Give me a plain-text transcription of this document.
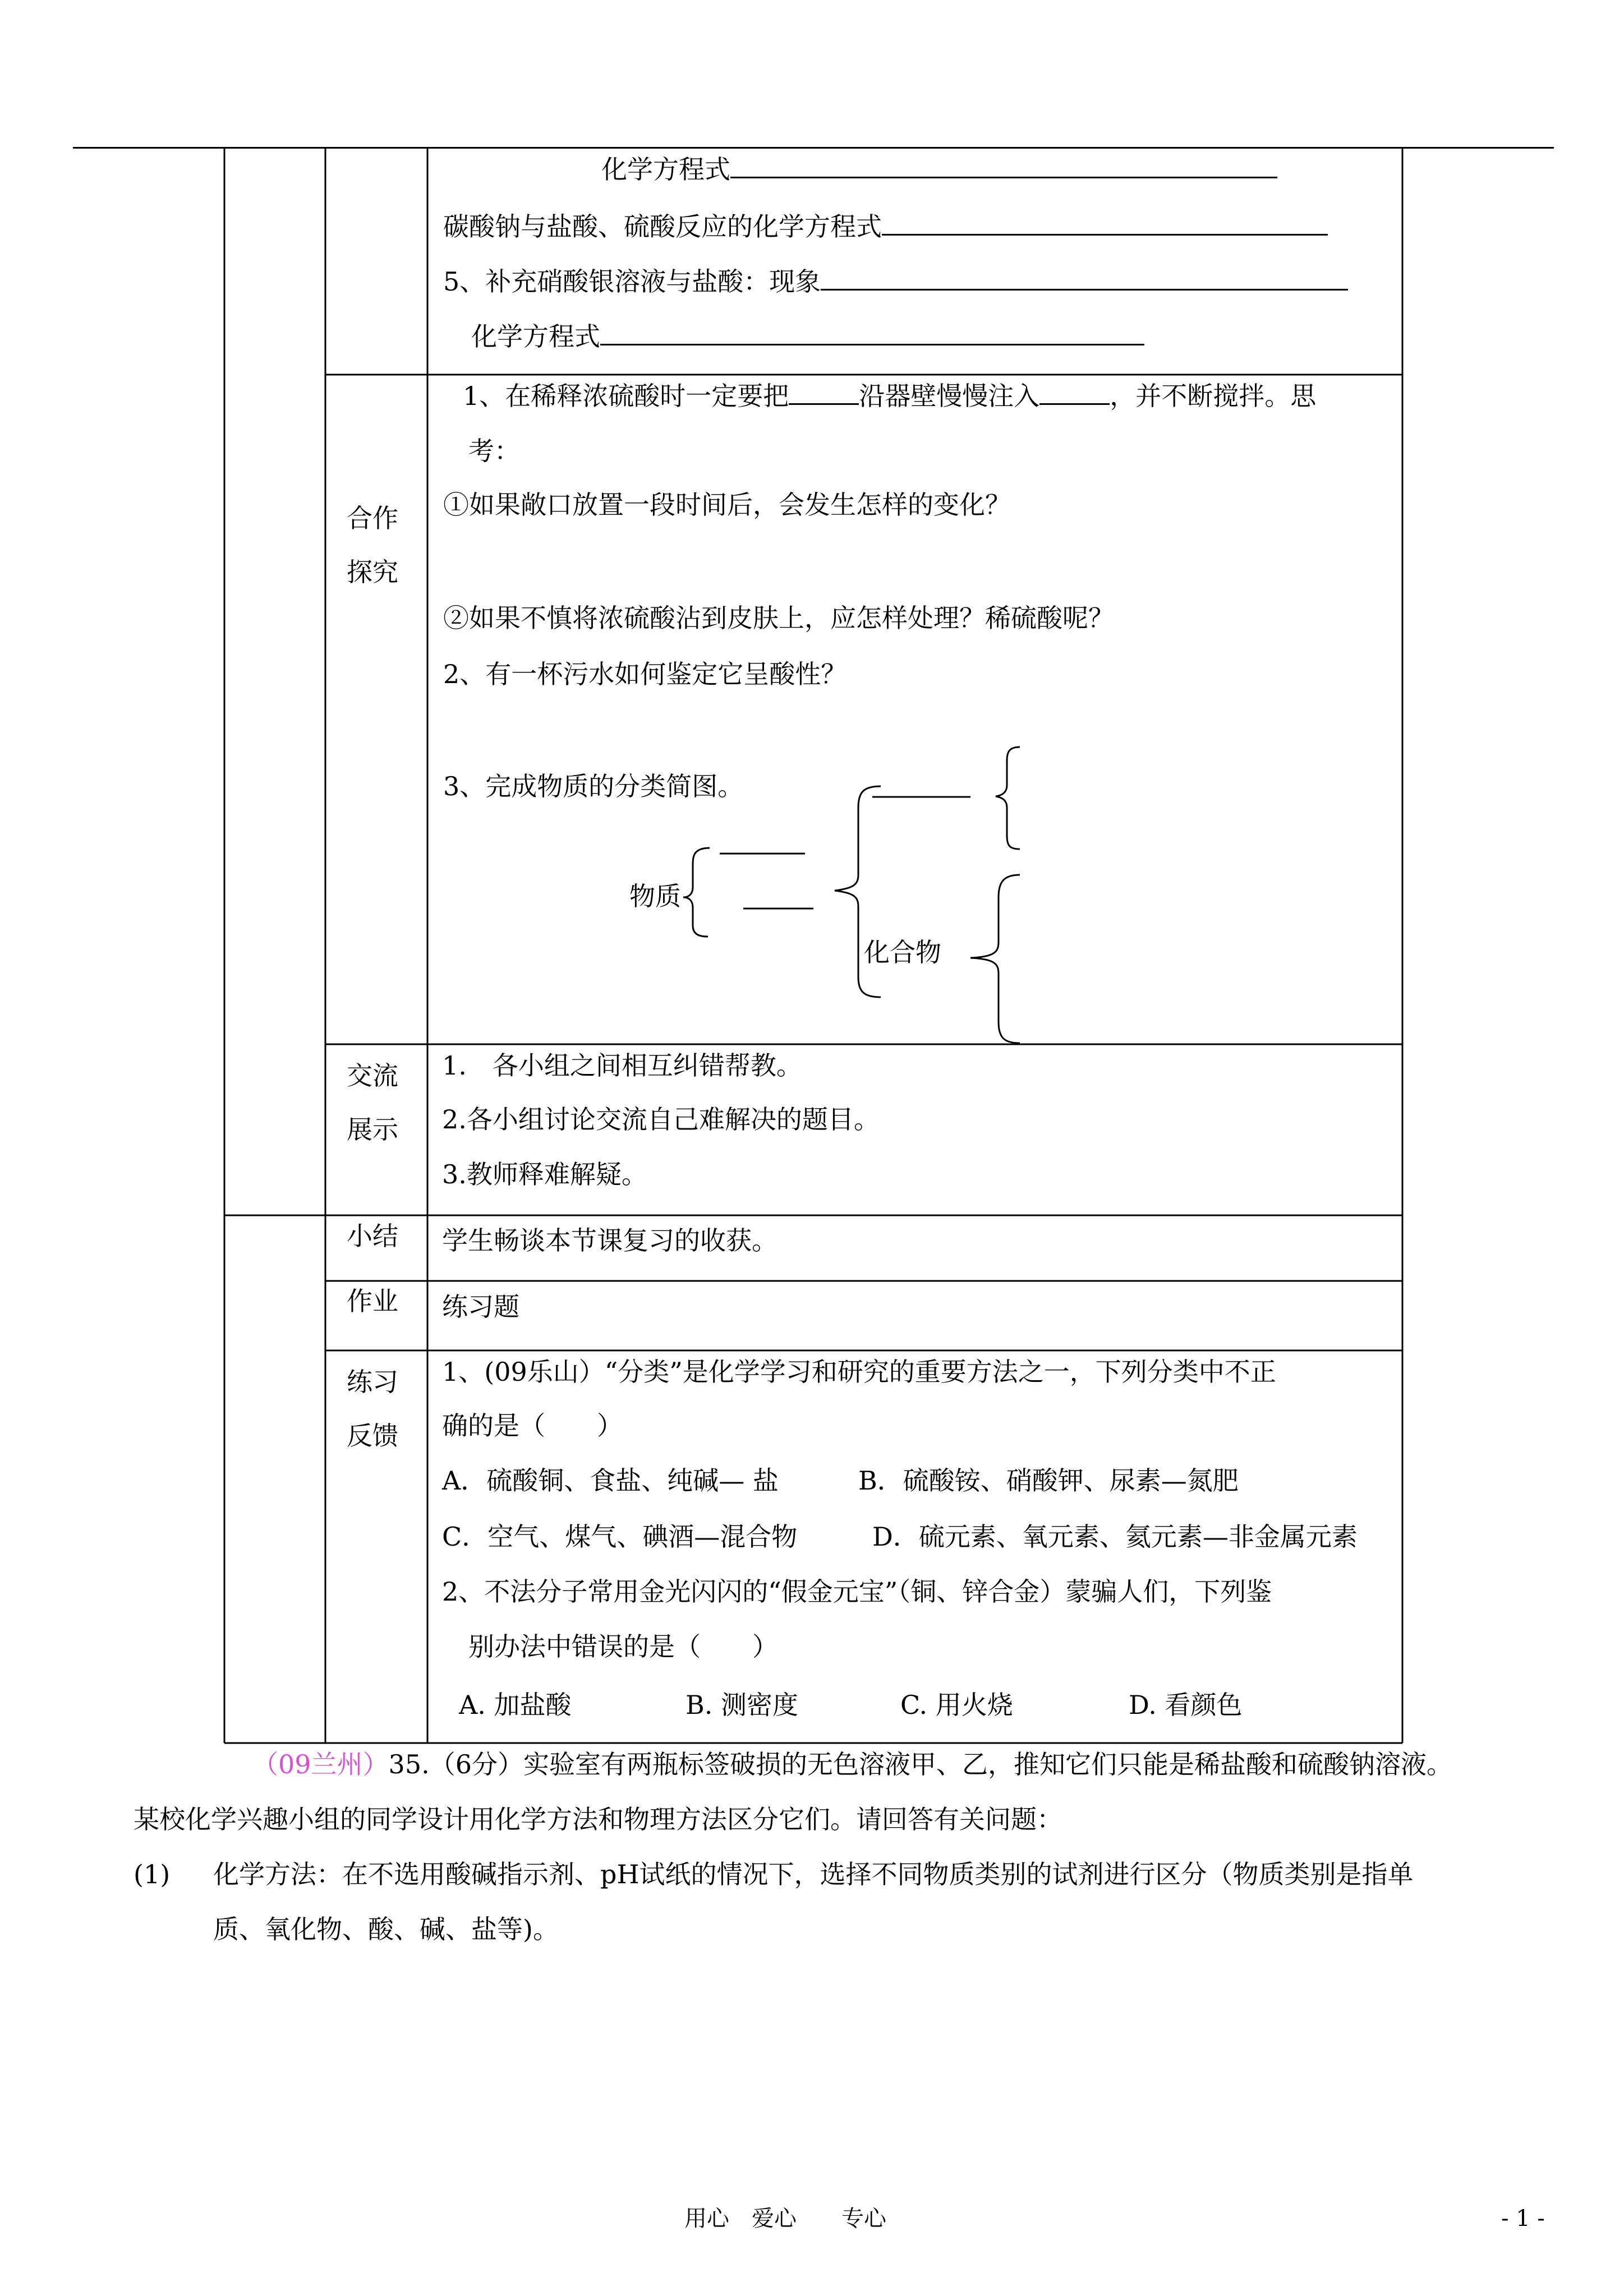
化学方程式
碳酸钠与盐酸、硫酸反应的化学方程式
5、补充硝酸银溶液与盐酸：现象
化学方程式
合作
探究
1、在稀释浓硫酸时一定要把	沿器壁慢慢注入	，并不断搅拌。思
考：
①如果敞口放置一段时间后，会发生怎样的变化？
②如果不慎将浓硫酸沾到皮肤上，应怎样处理？稀硫酸呢？
2、有一杯污水如何鉴定它呈酸性？
3、完成物质的分类简图。
物质
化合物
交流
展示
1.　各小组之间相互纠错帮教。
2.各小组讨论交流自己难解决的题目。
3.教师释难解疑。
小结 学生畅谈本节课复习的收获。
作业 练习题
练习
反馈
1、(09乐山）“分类”是化学学习和研究的重要方法之一，下列分类中不正
确的是（　　）
A．硫酸铜、食盐、纯碱— 盐	B．硫酸铵、硝酸钾、尿素—氮肥
C．空气、煤气、碘酒—混合物	D．硫元素、氧元素、氦元素—非金属元素
2、不法分子常用金光闪闪的“假金元宝”（铜、锌合金）蒙骗人们，下列鉴
别办法中错误的是（　　）
A. 加盐酸	B. 测密度	C. 用火烧	D. 看颜色
（09兰州）35.（6分）实验室有两瓶标签破损的无色溶液甲、乙，推知它们只能是稀盐酸和硫酸钠溶液。
某校化学兴趣小组的同学设计用化学方法和物理方法区分它们。请回答有关问题：
(1) 化学方法：在不选用酸碱指示剂、pH试纸的情况下，选择不同物质类别的试剂进行区分（物质类别是指单
质、氧化物、酸、碱、盐等)。
用心　爱心　　专心	- 1 -
